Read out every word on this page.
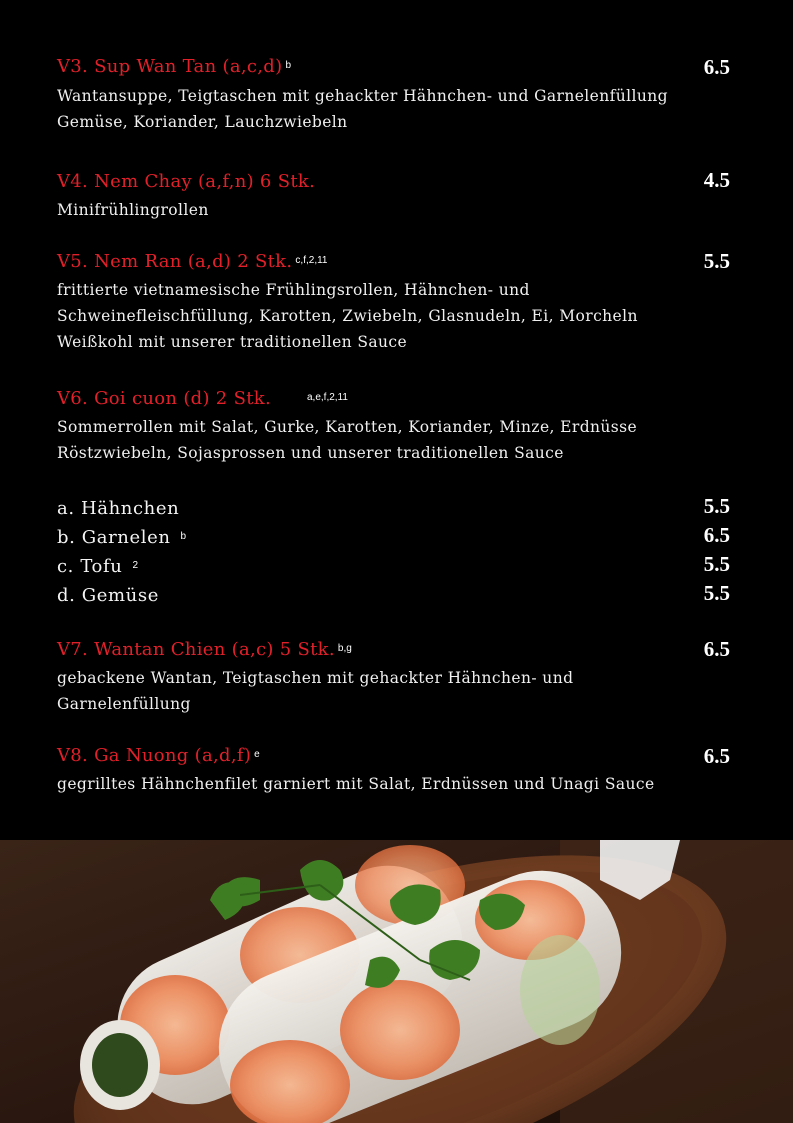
V3. Sup Wan Tan (a,c,d) $^b$	6.5
Wantansuppe, Teigtaschen mit gehackter Hähnchen- und Garnelenfüllung
Gemüse, Koriander, Lauchzwiebeln
V4. Nem Chay (a,f,n) 6 Stk.	4.5
Minifrühlingrollen
V5. Nem Ran (a,d) 2 Stk. $^{c,f,2,11}$	5.5
frittierte vietnamesische Frühlingsrollen, Hähnchen- und
Schweinefleischfüllung, Karotten, Zwiebeln, Glasnudeln, Ei, Morcheln
Weißkohl mit unserer traditionellen Sauce
V6. Goi cuon (d) 2 Stk.	$^{a,e,f,2,11}$
Sommerrollen mit Salat, Gurke, Karotten, Koriander, Minze, Erdnüsse
Röstzwiebeln, Sojasprossen und unserer traditionellen Sauce
a. Hähnchen	5.5
b. Garnelen $^b$	6.5
c. Tofu $^2$	5.5
d. Gemüse	5.5
V7. Wantan Chien (a,c) 5 Stk. $^{b,g}$	6.5
gebackene Wantan, Teigtaschen mit gehackter Hähnchen- und
Garnelenfüllung
V8. Ga Nuong (a,d,f) $^e$	6.5
gegrilltes Hähnchenfilet garniert mit Salat, Erdnüssen und Unagi Sauce
